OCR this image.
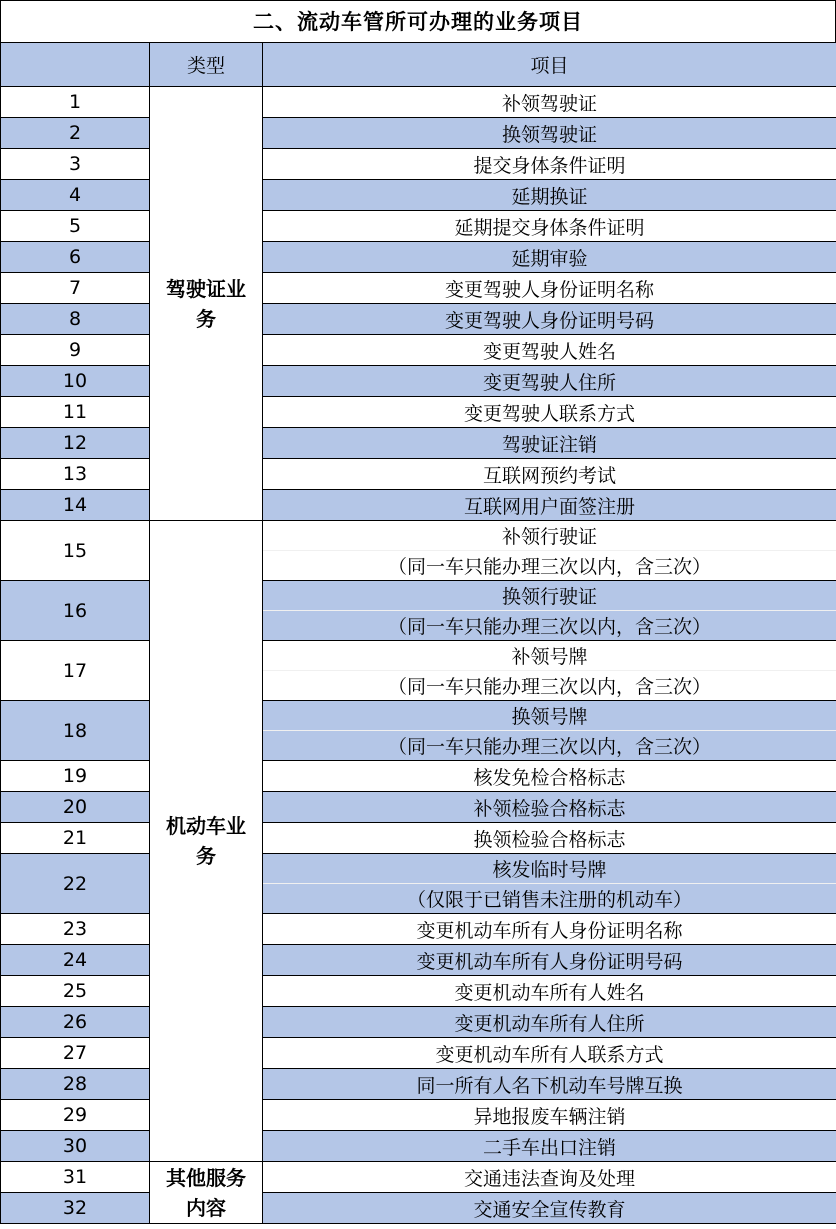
二、流动车管所可办理的业务项目
	类型	项目
1	驾驶证业务	补领驾驶证
2		换领驾驶证
3		提交身体条件证明
4		延期换证
5		延期提交身体条件证明
6		延期审验
7		变更驾驶人身份证明名称
8		变更驾驶人身份证明号码
9		变更驾驶人姓名
10		变更驾驶人住所
11		变更驾驶人联系方式
12		驾驶证注销
13		互联网预约考试
14		互联网用户面签注册
15	机动车业务	补领行驶证
		（同一车只能办理三次以内，含三次）
16		换领行驶证
		（同一车只能办理三次以内，含三次）
17		补领号牌
		（同一车只能办理三次以内，含三次）
18		换领号牌
		（同一车只能办理三次以内，含三次）
19		核发免检合格标志
20		补领检验合格标志
21		换领检验合格标志
22		核发临时号牌
		（仅限于已销售未注册的机动车）
23		变更机动车所有人身份证明名称
24		变更机动车所有人身份证明号码
25		变更机动车所有人姓名
26		变更机动车所有人住所
27		变更机动车所有人联系方式
28		同一所有人名下机动车号牌互换
29		异地报废车辆注销
30		二手车出口注销
31	其他服务内容	交通违法查询及处理
32		交通安全宣传教育
